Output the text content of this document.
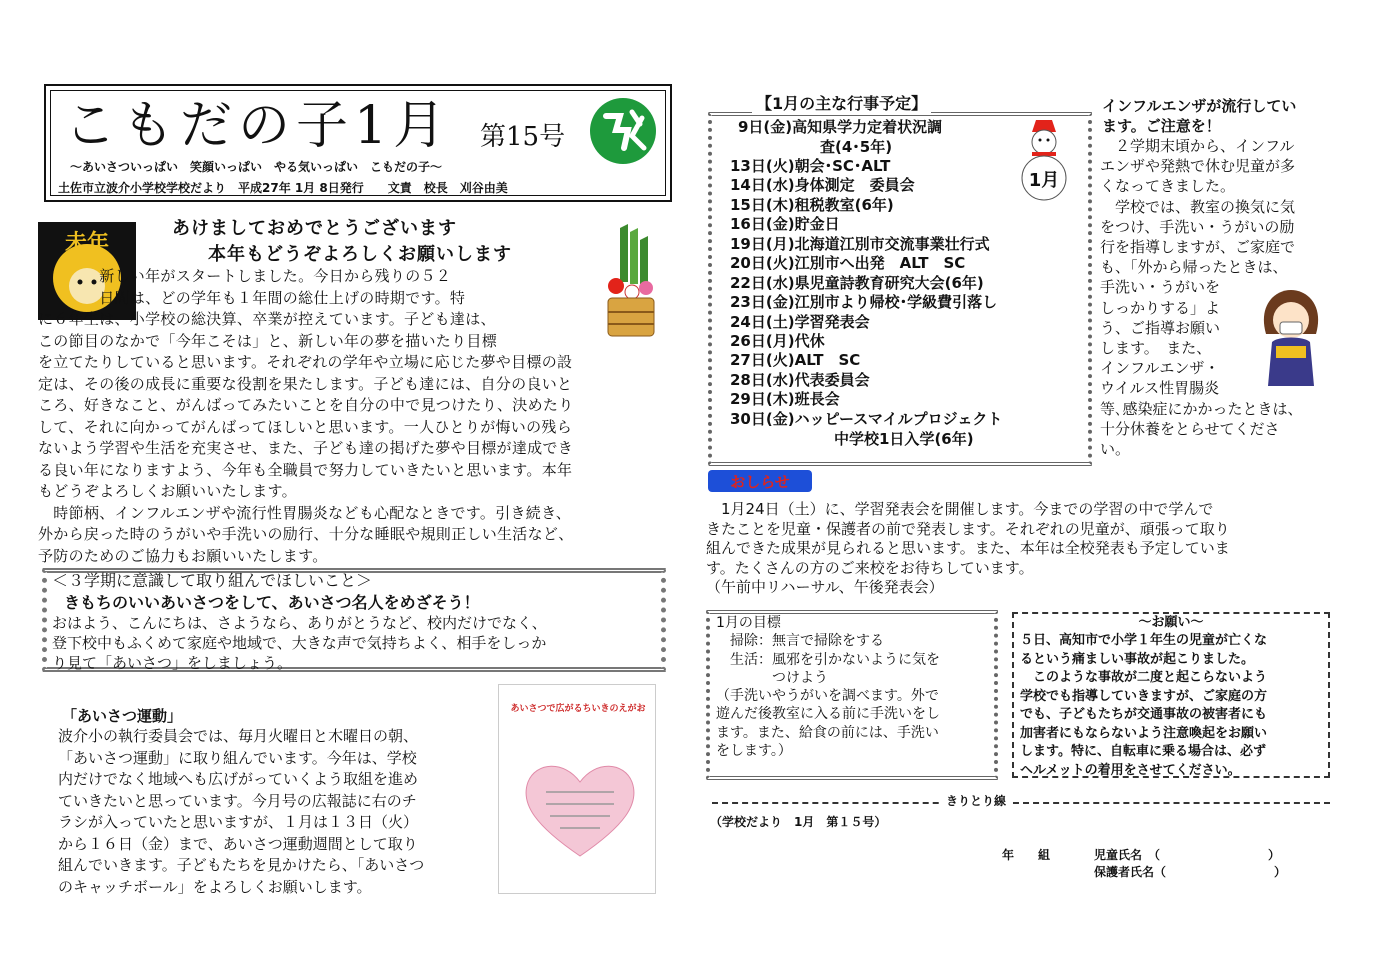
こもだの子1月 第15号
～あいさついっぱい　笑顔いっぱい　やる気いっぱい　こもだの子～
土佐市立波介小学校学校だより　平成27年 1月 8日発行　　文責　校長　刈谷由美
未年
あけましておめでとうございます
本年もどうぞよろしくお願いします
　　　　新しい年がスタートしました。今日から残りの５２
　　　　日間は、どの学年も１年間の総仕上げの時期です。特
に６年生は、小学校の総決算、卒業が控えています。子ども達は、
この節目のなかで「今年こそは」と、新しい年の夢を描いたり目標
を立てたりしていると思います。それぞれの学年や立場に応じた夢や目標の設
定は、その後の成長に重要な役割を果たします。子ども達には、自分の良いと
ころ、好きなこと、がんばってみたいことを自分の中で見つけたり、決めたり
して、それに向かってがんばってほしいと思います。一人ひとりが悔いの残ら
ないよう学習や生活を充実させ、また、子ども達の掲げた夢や目標が達成でき
る良い年になりますよう、今年も全職員で努力していきたいと思います。本年
もどうぞよろしくお願いいたします。
　時節柄、インフルエンザや流行性胃腸炎なども心配なときです。引き続き、
外から戻った時のうがいや手洗いの励行、十分な睡眠や規則正しい生活など、
予防のためのご協力もお願いいたします。
＜３学期に意識して取り組んでほしいこと＞
きもちのいいあいさつをして、あいさつ名人をめざそう！
おはよう、こんにちは、さようなら、ありがとうなど、校内だけでなく、
登下校中もふくめて家庭や地域で、大きな声で気持ちよく、相手をしっか
り見て「あいさつ」をしましょう。
「あいさつ運動」
波介小の執行委員会では、毎月火曜日と木曜日の朝、
「あいさつ運動」に取り組んでいます。今年は、学校
内だけでなく地域へも広げがっていくよう取組を進め
ていきたいと思っています。今月号の広報誌に右のチ
ラシが入っていたと思いますが、１月は１３日（火）
から１６日（金）まで、あいさつ運動週間として取り
組んでいきます。子どもたちを見かけたら、「あいさつ
のキャッチボール」をよろしくお願いします。
あいさつで広がるちいきのえがお
【1月の主な行事予定】
9日(金)高知県学力定着状況調
査(4･5年)
13日(火)朝会･SC･ALT
14日(水)身体測定　委員会
15日(木)租税教室(6年)
16日(金)貯金日
19日(月)北海道江別市交流事業壮行式
20日(火)江別市へ出発　ALT　SC
22日(水)県児童詩教育研究大会(6年)
23日(金)江別市より帰校･学級費引落し
24日(土)学習発表会
26日(月)代休
27日(火)ALT　SC
28日(水)代表委員会
29日(木)班長会
30日(金)ハッピースマイルプロジェクト
中学校1日入学(6年)
1月
インフルエンザが流行してい
ます。ご注意を！
　２学期末頃から、インフル
エンザや発熱で休む児童が多
くなってきました。
　学校では、教室の換気に気
をつけ、手洗い・うがいの励
行を指導しますが、ご家庭で
も、「外から帰ったときは、
手洗い・うがいを
しっかりする」よ
う、ご指導お願い
します。　また、
インフルエンザ・
ウイルス性胃腸炎
等､感染症にかかったときは、
十分休養をとらせてくださ
い。
おしらせ
　1月24日（土）に、学習発表会を開催します。今までの学習の中で学んで
きたことを児童・保護者の前で発表します。それぞれの児童が、頑張って取り
組んできた成果が見られると思います。また、本年は全校発表も予定していま
す。たくさんの方のご来校をお待ちしています。
（午前中リハーサル、午後発表会）
1月の目標
　掃除：無言で掃除をする
　生活：風邪を引かないように気を
　　　　つけよう
（手洗いやうがいを調べます。外で
遊んだ後教室に入る前に手洗いをし
ます。また、給食の前には、手洗い
をします。）
～お願い～
５日、高知市で小学１年生の児童が亡くな
るという痛ましい事故が起こりました。
　このような事故が二度と起こらないよう
学校でも指導していきますが、ご家庭の方
でも、子どもたちが交通事故の被害者にも
加害者にもならないよう注意喚起をお願い
します。特に、自転車に乗る場合は、必ず
ヘルメットの着用をさせてください。
きりとり線
（学校だより　1月　第１５号）
年　　組	児童氏名　（　　　　　　　　　）
保護者氏名（　　　　　　　　　）
